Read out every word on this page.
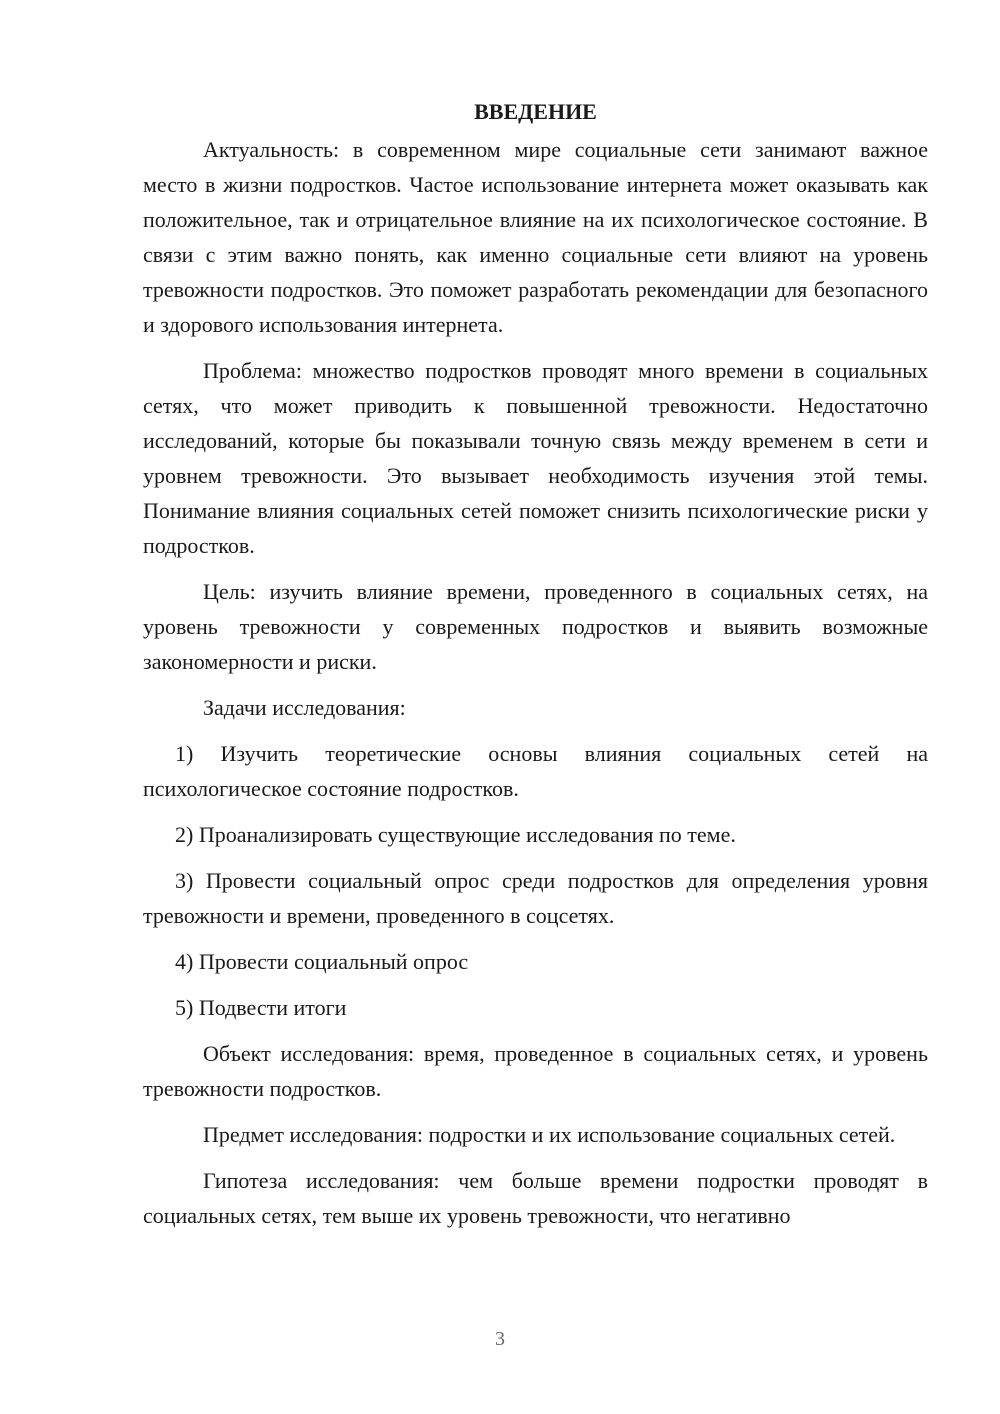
ВВЕДЕНИЕ

Актуальность: в современном мире социальные сети занимают важное место в жизни подростков. Частое использование интернета может оказывать как положительное, так и отрицательное влияние на их психологическое состояние. В связи с этим важно понять, как именно социальные сети влияют на уровень тревожности подростков. Это поможет разработать рекомендации для безопасного и здорового использования интернета.

Проблема: множество подростков проводят много времени в социальных сетях, что может приводить к повышенной тревожности. Недостаточно исследований, которые бы показывали точную связь между временем в сети и уровнем тревожности. Это вызывает необходимость изучения этой темы. Понимание влияния социальных сетей поможет снизить психологические риски у подростков.

Цель: изучить влияние времени, проведенного в социальных сетях, на уровень тревожности у современных подростков и выявить возможные закономерности и риски.

Задачи исследования:

1) Изучить теоретические основы влияния социальных сетей на психологическое состояние подростков.

2) Проанализировать существующие исследования по теме.

3) Провести социальный опрос среди подростков для определения уровня тревожности и времени, проведенного в соцсетях.

4) Провести социальный опрос

5) Подвести итоги

Объект исследования: время, проведенное в социальных сетях, и уровень тревожности подростков.

Предмет исследования: подростки и их использование социальных сетей.

Гипотеза исследования: чем больше времени подростки проводят в социальных сетях, тем выше их уровень тревожности, что негативно

3
